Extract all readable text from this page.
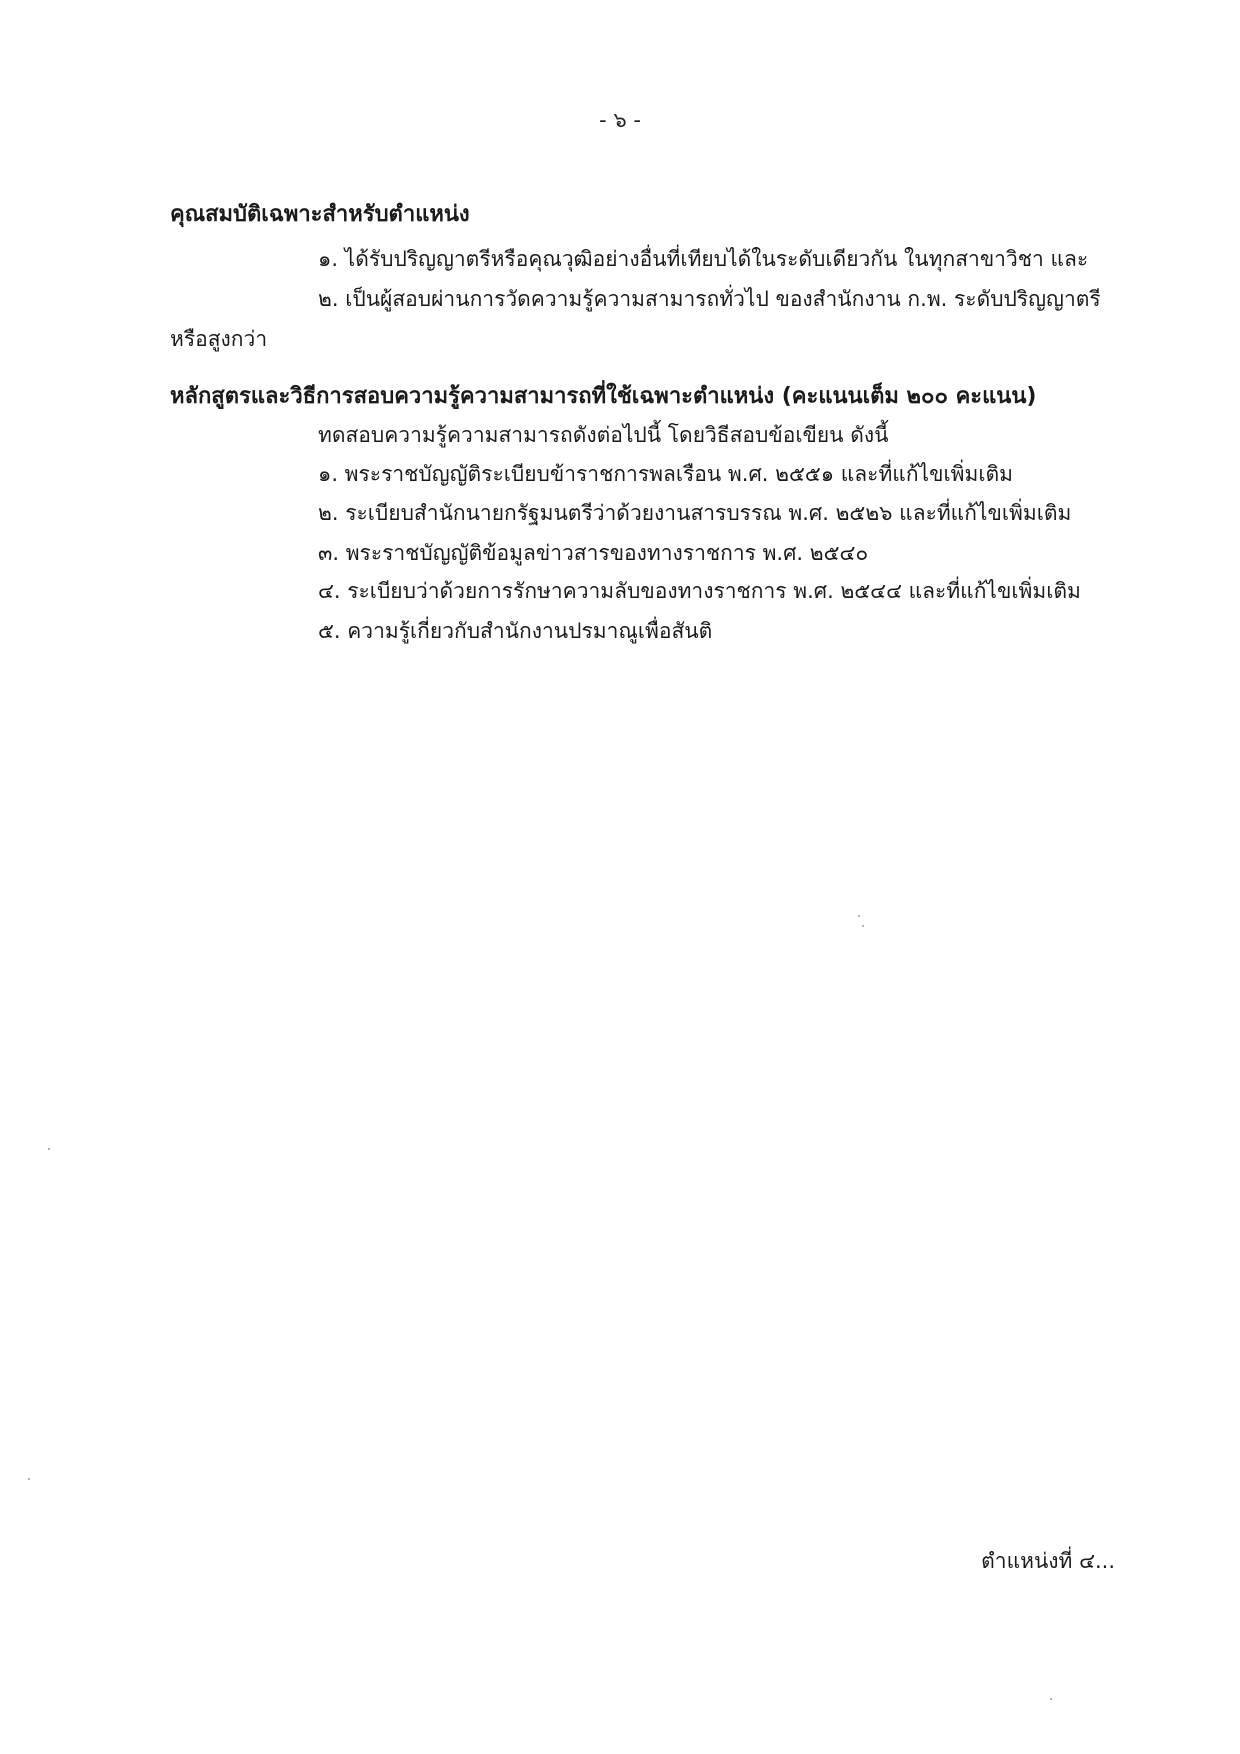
- ๖ -
คุณสมบัติเฉพาะสำหรับตำแหน่ง
๑. ได้รับปริญญาตรีหรือคุณวุฒิอย่างอื่นที่เทียบได้ในระดับเดียวกัน ในทุกสาขาวิชา และ
๒. เป็นผู้สอบผ่านการวัดความรู้ความสามารถทั่วไป ของสำนักงาน ก.พ. ระดับปริญญาตรี
หรือสูงกว่า
หลักสูตรและวิธีการสอบความรู้ความสามารถที่ใช้เฉพาะตำแหน่ง (คะแนนเต็ม ๒๐๐ คะแนน)
ทดสอบความรู้ความสามารถดังต่อไปนี้ โดยวิธีสอบข้อเขียน ดังนี้
๑. พระราชบัญญัติระเบียบข้าราชการพลเรือน พ.ศ. ๒๕๕๑ และที่แก้ไขเพิ่มเติม
๒. ระเบียบสำนักนายกรัฐมนตรีว่าด้วยงานสารบรรณ พ.ศ. ๒๕๒๖ และที่แก้ไขเพิ่มเติม
๓. พระราชบัญญัติข้อมูลข่าวสารของทางราชการ พ.ศ. ๒๕๔๐
๔. ระเบียบว่าด้วยการรักษาความลับของทางราชการ พ.ศ. ๒๕๔๔ และที่แก้ไขเพิ่มเติม
๕. ความรู้เกี่ยวกับสำนักงานปรมาณูเพื่อสันติ
ตำแหน่งที่ ๔...
